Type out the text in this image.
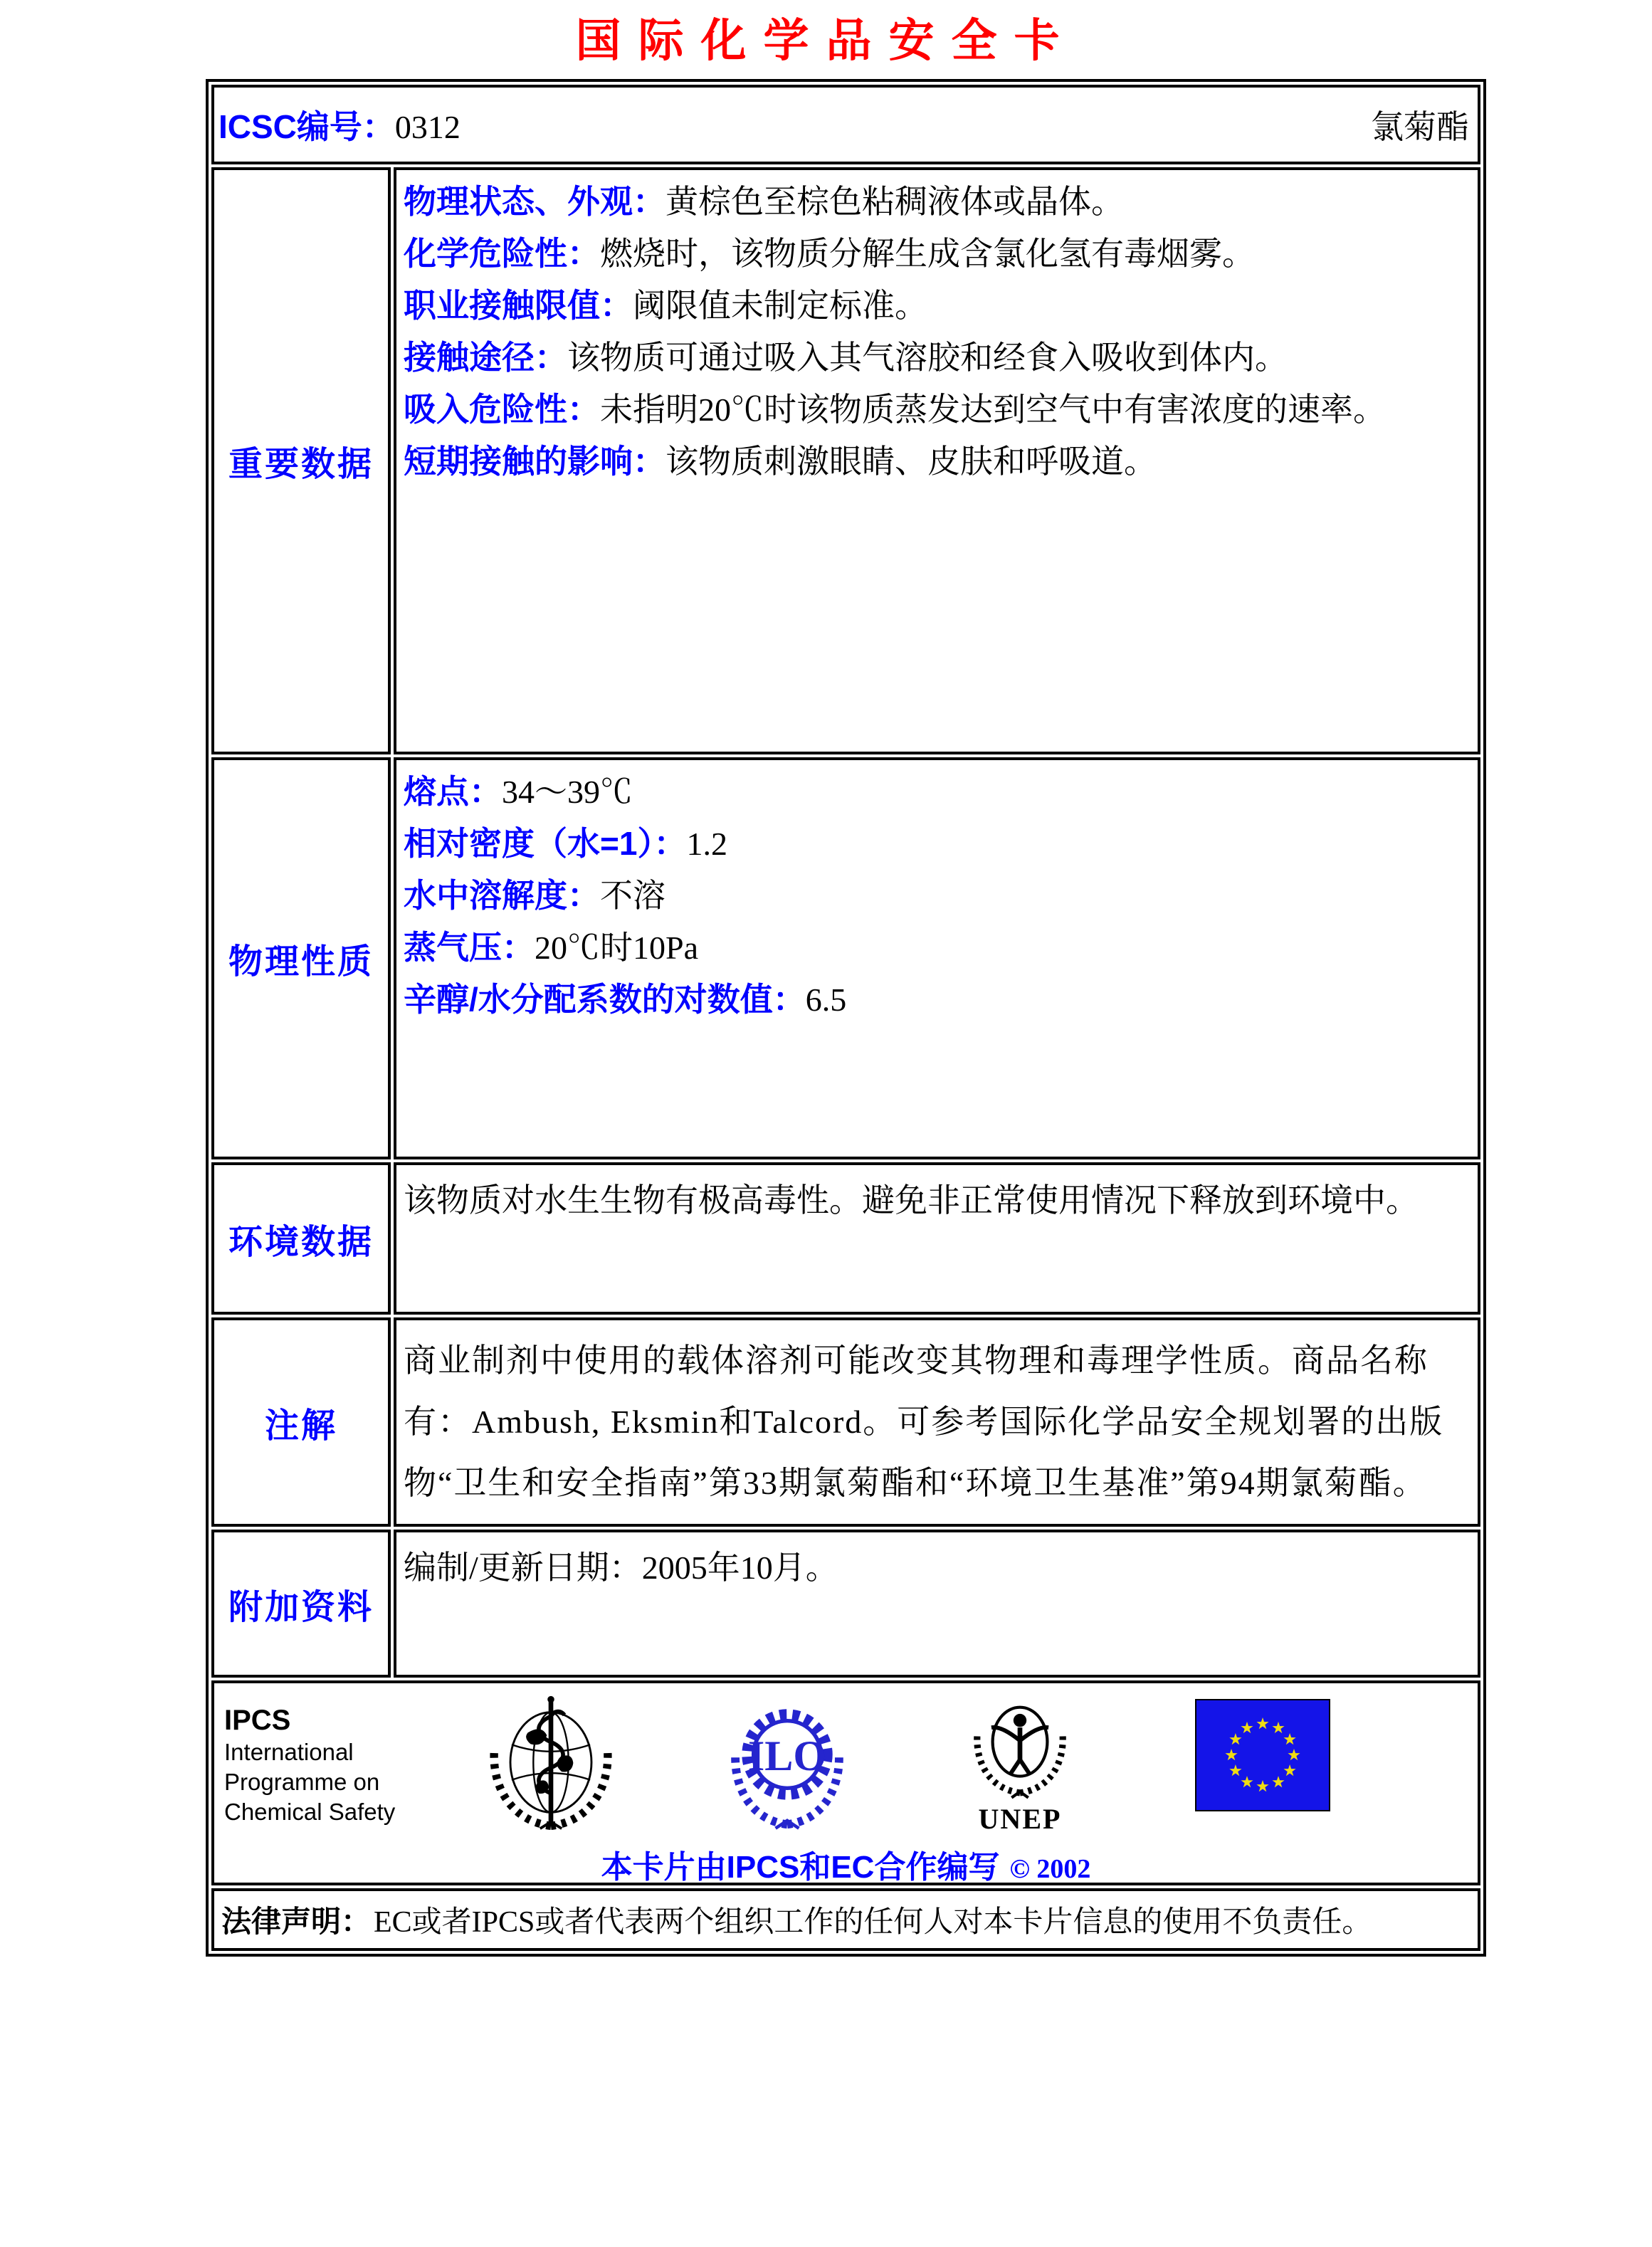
国际化学品安全卡
ICSC编号：0312	氯菊酯
重要数据
物理状态、外观：黄棕色至棕色粘稠液体或晶体。
化学危险性：燃烧时，该物质分解生成含氯化氢有毒烟雾。
职业接触限值：阈限值未制定标准。
接触途径：该物质可通过吸入其气溶胶和经食入吸收到体内。
吸入危险性：未指明20℃时该物质蒸发达到空气中有害浓度的速率。
短期接触的影响：该物质刺激眼睛、皮肤和呼吸道。
物理性质
熔点：34～39℃
相对密度（水=1）：1.2
水中溶解度：不溶
蒸气压：20℃时10Pa
辛醇/水分配系数的对数值：6.5
环境数据
该物质对水生生物有极高毒性。避免非正常使用情况下释放到环境中。
注解
商业制剂中使用的载体溶剂可能改变其物理和毒理学性质。商品名称有：Ambush, Eksmin和Talcord。可参考国际化学品安全规划署的出版物“卫生和安全指南”第33期氯菊酯和“环境卫生基准”第94期氯菊酯。
附加资料
编制/更新日期：2005年10月。
IPCS
International
Programme on
Chemical Safety
ILO
UNEP
本卡片由IPCS和EC合作编写 © 2002
法律声明： EC或者IPCS或者代表两个组织工作的任何人对本卡片信息的使用不负责任。
